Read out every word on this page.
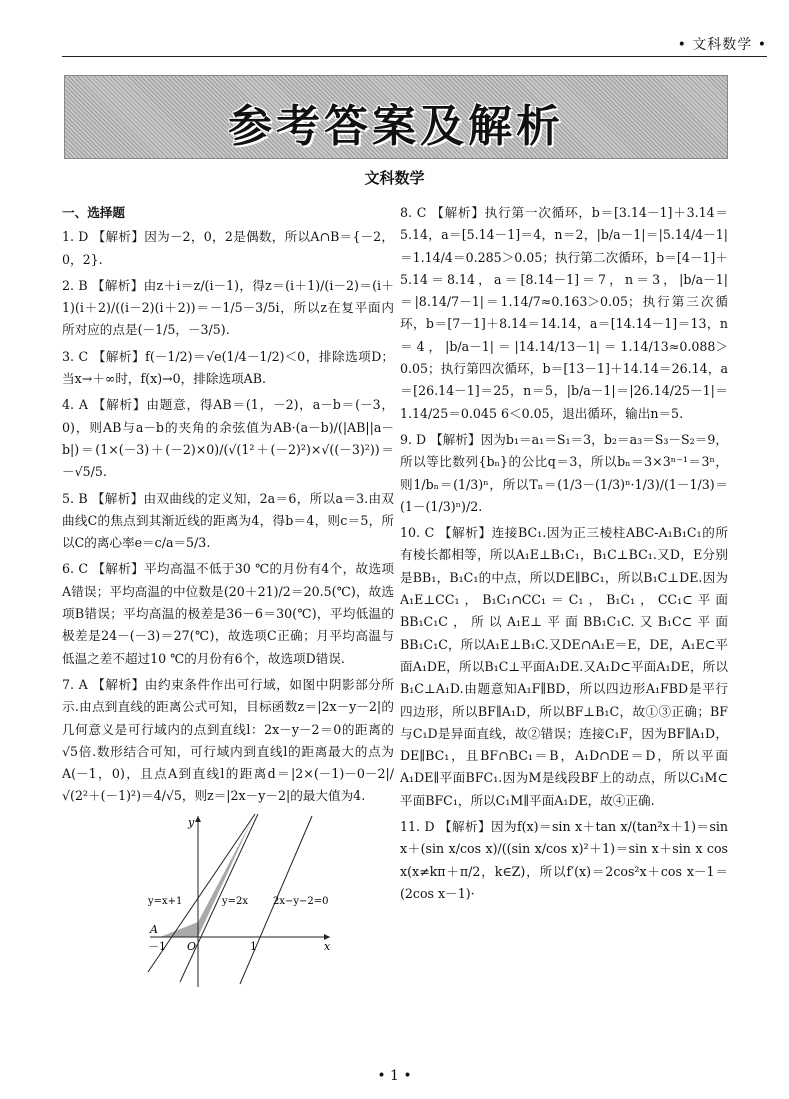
• 文科数学 •
参考答案及解析
文科数学
一、选择题

1. D 【解析】因为－2，0，2是偶数，所以A∩B＝{－2，0，2}.

2. B 【解析】由z＋i＝z/(i－1)，得z＝(i＋1)/(i－2)＝(i＋1)(i＋2)/((i－2)(i＋2))＝－1/5－3/5i，所以z在复平面内所对应的点是(－1/5，－3/5).

3. C 【解析】f(－1/2)＝√e(1/4－1/2)＜0，排除选项D；当x→＋∞时，f(x)→0，排除选项AB.

4. A 【解析】由题意，得AB＝(1，－2)，a－b＝(－3，0)，则AB与a－b的夹角的余弦值为AB·(a－b)/(|AB||a－b|)＝(1×(－3)＋(－2)×0)/(√(1²＋(－2)²)×√((－3)²))＝－√5/5.

5. B 【解析】由双曲线的定义知，2a＝6，所以a＝3.由双曲线C的焦点到其渐近线的距离为4，得b＝4，则c＝5，所以C的离心率e＝c/a＝5/3.

6. C 【解析】平均高温不低于30 ℃的月份有4个，故选项A错误；平均高温的中位数是(20＋21)/2＝20.5(℃)，故选项B错误；平均高温的极差是36－6＝30(℃)，平均低温的极差是24－(－3)＝27(℃)，故选项C正确；月平均高温与低温之差不超过10 ℃的月份有6个，故选项D错误.

7. A 【解析】由约束条件作出可行域，如图中阴影部分所示.由点到直线的距离公式可知，目标函数z＝|2x－y－2|的几何意义是可行域内的点到直线l：2x－y－2＝0的距离的√5倍.数形结合可知，可行域内到直线l的距离最大的点为A(－1，0)，且点A到直线l的距离d＝|2×(－1)－0－2|/√(2²＋(－1)²)＝4/√5，则z＝|2x－y－2|的最大值为4.

y
x
O
－1	1
A
y=x+1	y=2x 2x−y−2=0

8. C 【解析】执行第一次循环，b＝[3.14－1]＋3.14＝5.14，a＝[5.14－1]＝4，n＝2，|b/a－1|＝|5.14/4－1|＝1.14/4＝0.285＞0.05；执行第二次循环，b＝[4－1]＋5.14＝8.14，a＝[8.14－1]＝7，n＝3，|b/a－1|＝|8.14/7－1|＝1.14/7≈0.163＞0.05；执行第三次循环，b＝[7－1]＋8.14＝14.14，a＝[14.14－1]＝13，n＝4，|b/a－1|＝|14.14/13－1|＝1.14/13≈0.088＞0.05；执行第四次循环，b＝[13－1]＋14.14＝26.14，a＝[26.14－1]＝25，n＝5，|b/a－1|＝|26.14/25－1|＝1.14/25＝0.045 6＜0.05，退出循环，输出n＝5.

9. D 【解析】因为b₁＝a₁＝S₁＝3，b₂＝a₃＝S₃－S₂＝9，所以等比数列{bₙ}的公比q＝3，所以bₙ＝3×3ⁿ⁻¹＝3ⁿ，则1/bₙ＝(1/3)ⁿ，所以Tₙ＝(1/3－(1/3)ⁿ·1/3)/(1－1/3)＝(1－(1/3)ⁿ)/2.

10. C 【解析】连接BC₁.因为正三棱柱ABC-A₁B₁C₁的所有棱长都相等，所以A₁E⊥B₁C₁，B₁C⊥BC₁.又D，E分别是BB₁，B₁C₁的中点，所以DE∥BC₁，所以B₁C⊥DE.因为A₁E⊥CC₁，B₁C₁∩CC₁＝C₁，B₁C₁，CC₁⊂平面BB₁C₁C，所以A₁E⊥平面BB₁C₁C.又B₁C⊂平面BB₁C₁C，所以A₁E⊥B₁C.又DE∩A₁E＝E，DE，A₁E⊂平面A₁DE，所以B₁C⊥平面A₁DE.又A₁D⊂平面A₁DE，所以B₁C⊥A₁D.由题意知A₁F∥BD，所以四边形A₁FBD是平行四边形，所以BF∥A₁D，所以BF⊥B₁C，故①③正确；BF与C₁D是异面直线，故②错误；连接C₁F，因为BF∥A₁D，DE∥BC₁，且BF∩BC₁＝B，A₁D∩DE＝D，所以平面A₁DE∥平面BFC₁.因为M是线段BF上的动点，所以C₁M⊂平面BFC₁，所以C₁M∥平面A₁DE，故④正确.

11. D 【解析】因为f(x)＝sin x＋tan x/(tan²x＋1)＝sin x＋(sin x/cos x)/((sin x/cos x)²＋1)＝sin x＋sin x cos x(x≠kπ＋π/2，k∈Z)，所以f′(x)＝2cos²x＋cos x－1＝(2cos x－1)·

• 1 •
